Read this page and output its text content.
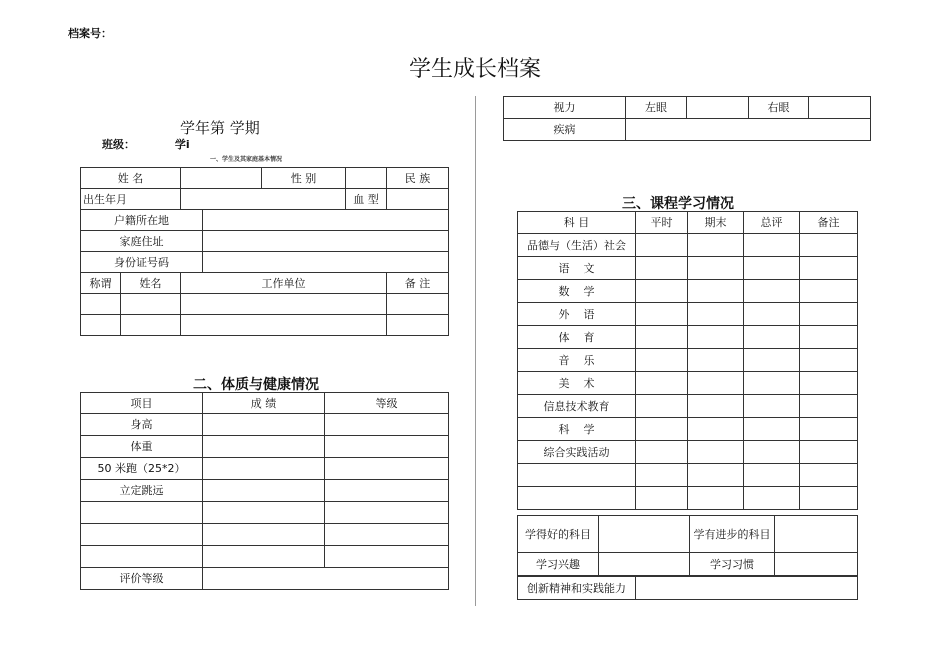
档案号：
学生成长档案
学年第 学期
班级：	学i
一、学生及其家庭基本情况
姓 名				性 别		民 族
出生年月					血 型	
户籍所在地						
家庭住址						
身份证号码						
称谓	姓名	工作单位				备 注

二、体质与健康情况
项目	成 绩	等级
身高		
体重		
50 米跑（25*2）		
立定跳远		

评价等级		
视力	左眼		右眼	
疾病				
三、课程学习情况
科 目	平时	期末	总评	备注
品德与（生活）社会				
语    文				
数    学				
外    语				
体    育				
音    乐				
美    术				
信息技术教育				
科    学				
综合实践活动				

学得好的科目		学有进步的科目	
学习兴趣		学习习惯	
创新精神和实践能力	
